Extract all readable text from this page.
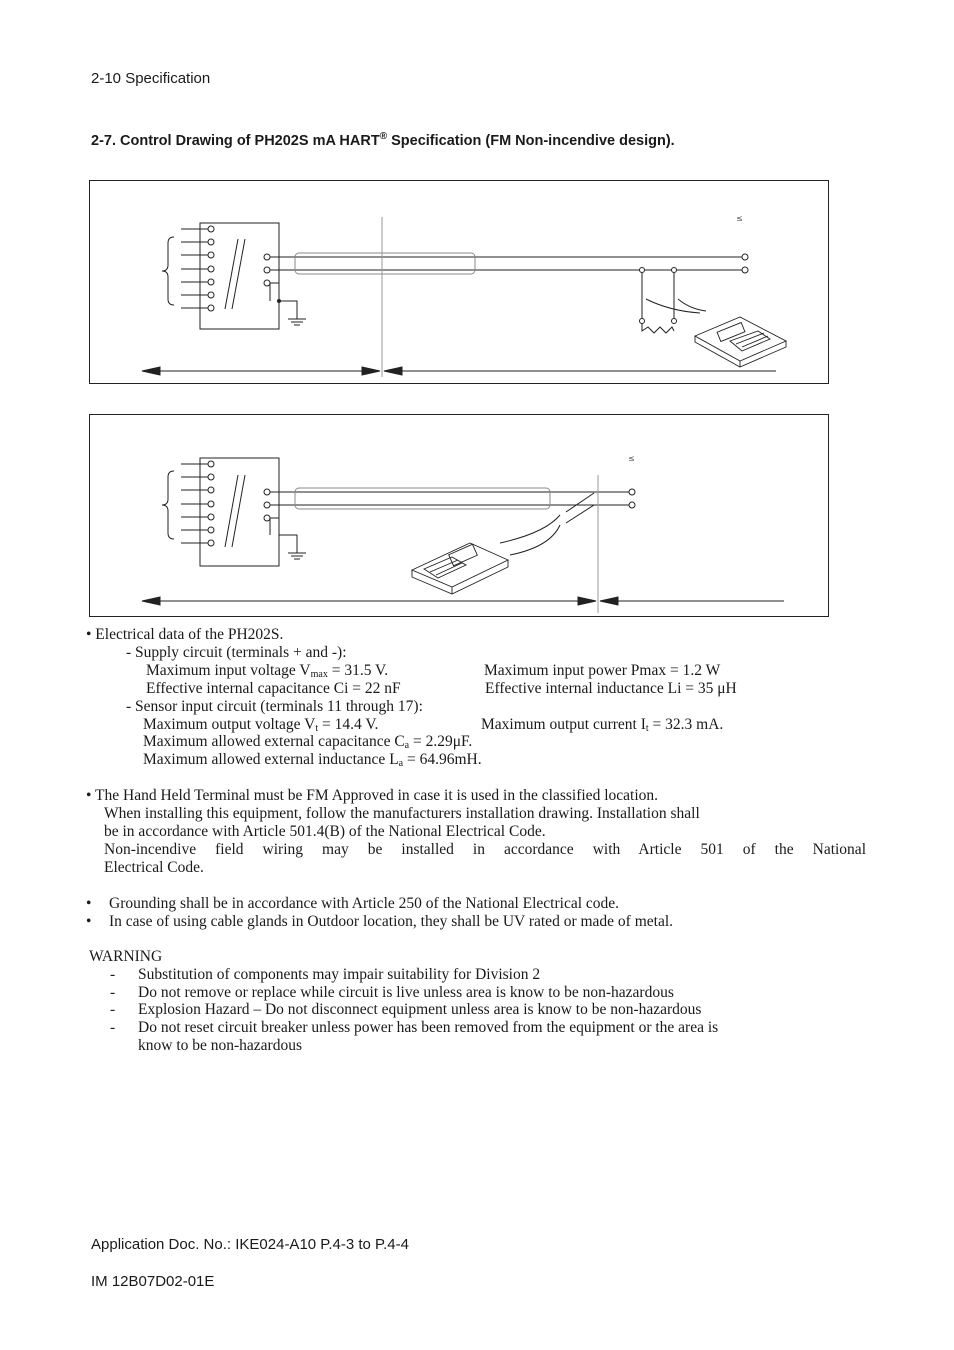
2-10 Specification
2-7. Control Drawing of PH202S mA HART® Specification (FM Non-incendive design).
≤
≤
• Electrical data of the PH202S.
- Supply circuit (terminals + and -):
Maximum input voltage $V_{max} = 31.5$ V.	Maximum input power Pmax = 1.2 W
Effective internal capacitance Ci = 22 nF	Effective internal inductance Li = 35 μH
- Sensor input circuit (terminals 11 through 17):
Maximum output voltage $V_t = 14.4$ V.	Maximum output current $I_t = 32.3$ mA.
Maximum allowed external capacitance $C_a = 2.29\mu F$.
Maximum allowed external inductance $L_a = 64.96mH$.
• The Hand Held Terminal must be FM Approved in case it is used in the classified location.
When installing this equipment, follow the manufacturers installation drawing. Installation shall
be in accordance with Article 501.4(B) of the National Electrical Code.
Non-incendive field wiring may be installed in accordance with Article 501 of the National
Electrical Code.
• Grounding shall be in accordance with Article 250 of the National Electrical code.
• In case of using cable glands in Outdoor location, they shall be UV rated or made of metal.
WARNING
- Substitution of components may impair suitability for Division 2
- Do not remove or replace while circuit is live unless area is know to be non-hazardous
- Explosion Hazard – Do not disconnect equipment unless area is know to be non-hazardous
- Do not reset circuit breaker unless power has been removed from the equipment or the area is
know to be non-hazardous
Application Doc. No.: IKE024-A10 P.4-3 to P.4-4
IM 12B07D02-01E
